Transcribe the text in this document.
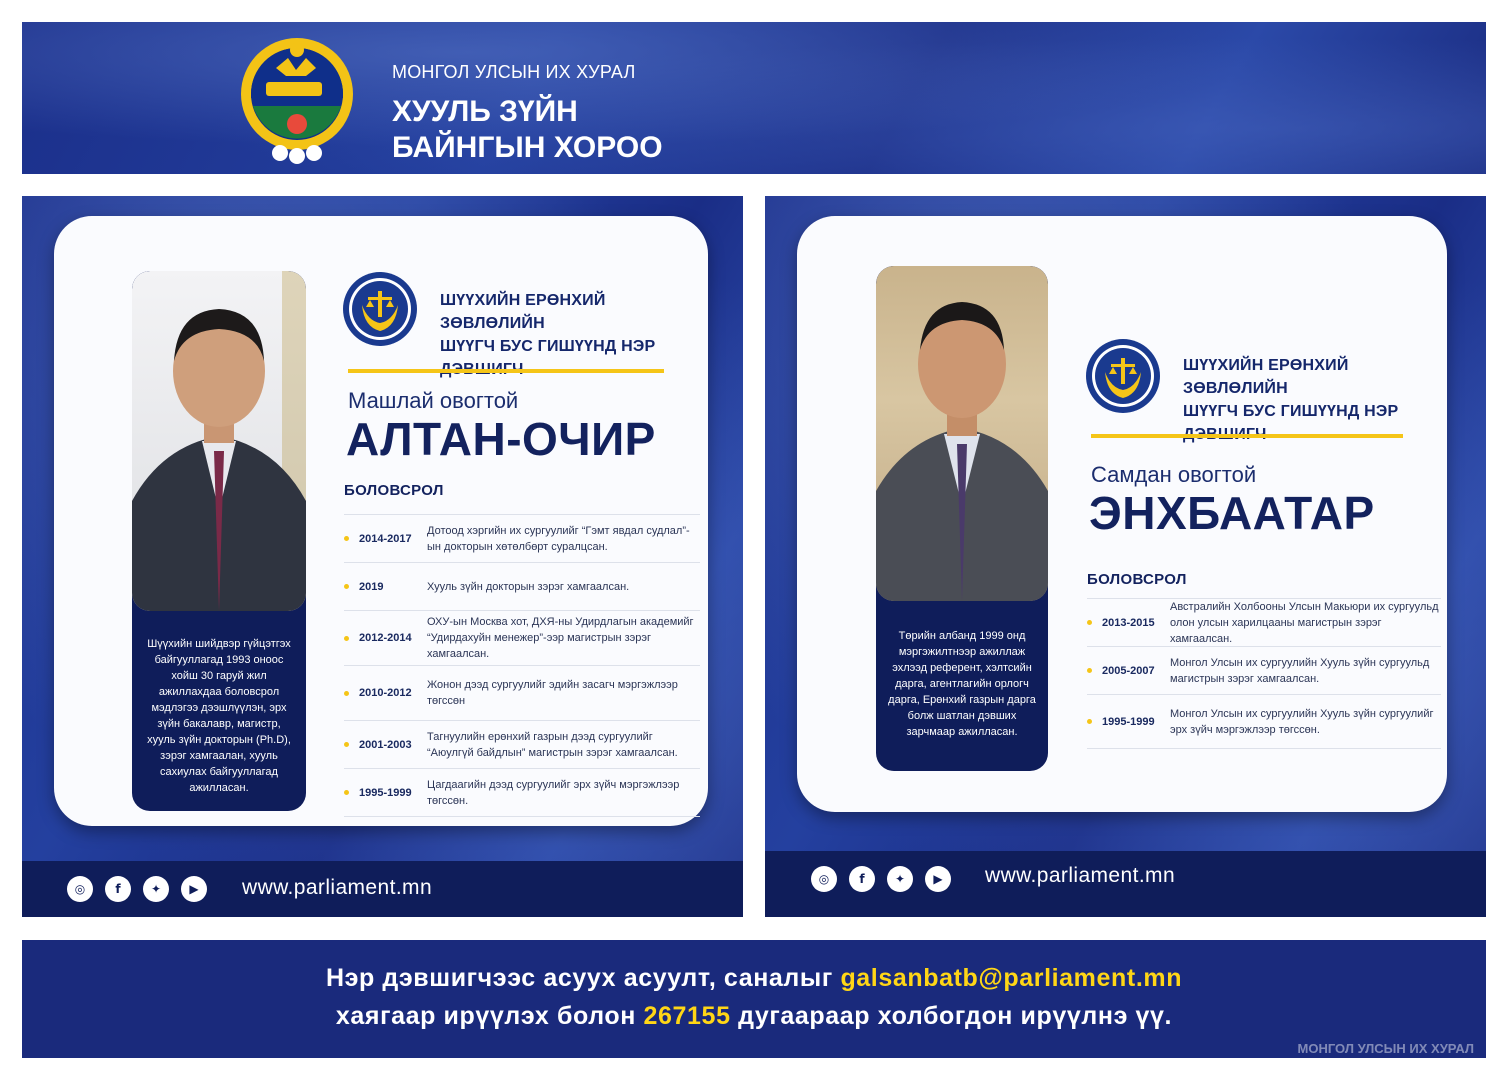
МОНГОЛ УЛСЫН ИХ ХУРАЛ
ХУУЛЬ ЗҮЙН
БАЙНГЫН ХОРОО
Шүүхийн шийдвэр гүйцэтгэх байгууллагад 1993 оноос хойш 30 гаруй жил ажиллахдаа боловсрол мэдлэгээ дээшлүүлэн, эрх зүйн бакалавр, магистр, хууль зүйн докторын (Ph.D), зэрэг хамгаалан, хууль сахиулах байгууллагад ажилласан.
ШҮҮХИЙН ЕРӨНХИЙ ЗӨВЛӨЛИЙН
ШҮҮГЧ БУС ГИШҮҮНД НЭР
Машлай овогтой
АЛТАН-ОЧИР
БОЛОВСРОЛ
2014-2017
Дотоод хэргийн их сургуулийг “Гэмт явдал судлал”-ын докторын хөтөлбөрт суралцсан.
2019	Хууль зүйн докторын зэрэг хамгаалсан.
2012-2014
ОХУ-ын Москва хот, ДХЯ-ны Удирдлагын академийг “Удирдахуйн менежер”-ээр магистрын зэрэг хамгаалсан.
2010-2012
Жонон дээд сургуулийг эдийн засагч мэргэжлээр төгссөн
2001-2003
Тагнуулийн ерөнхий газрын дээд сургуулийг “Аюулгүй байдлын” магистрын зэрэг хамгаалсан.
1995-1999
Цагдаагийн дээд сургуулийг эрх зүйч мэргэжлээр төгссөн.
◎	f	✦	▶	www.parliament.mn
Төрийн албанд 1999 онд мэргэжилтнээр ажиллаж эхлээд референт, хэлтсийн дарга, агентлагийн орлогч дарга, Ерөнхий газрын дарга болж шатлан дэвших зарчмаар ажилласан.
ШҮҮХИЙН ЕРӨНХИЙ ЗӨВЛӨЛИЙН
ШҮҮГЧ БУС ГИШҮҮНД НЭР
Самдан овогтой
ЭНХБААТАР
БОЛОВСРОЛ
2013-2015
Австралийн Холбооны Улсын Макьюри их сургуульд олон улсын харилцааны магистрын зэрэг хамгаалсан.
2005-2007
Монгол Улсын их сургуулийн Хууль зүйн сургуульд магистрын зэрэг хамгаалсан.
1995-1999
Монгол Улсын их сургуулийн Хууль зүйн сургуулийг эрх зүйч мэргэжлээр төгссөн.
◎	f	✦	▶	www.parliament.mn
Нэр дэвшигчээс асуух асуулт, саналыг galsanbatb@parliament.mn
хаягаар ирүүлэх болон 267155 дугаараар холбогдон ирүүлнэ үү.
МОНГОЛ УЛСЫН ИХ ХУРАЛ
